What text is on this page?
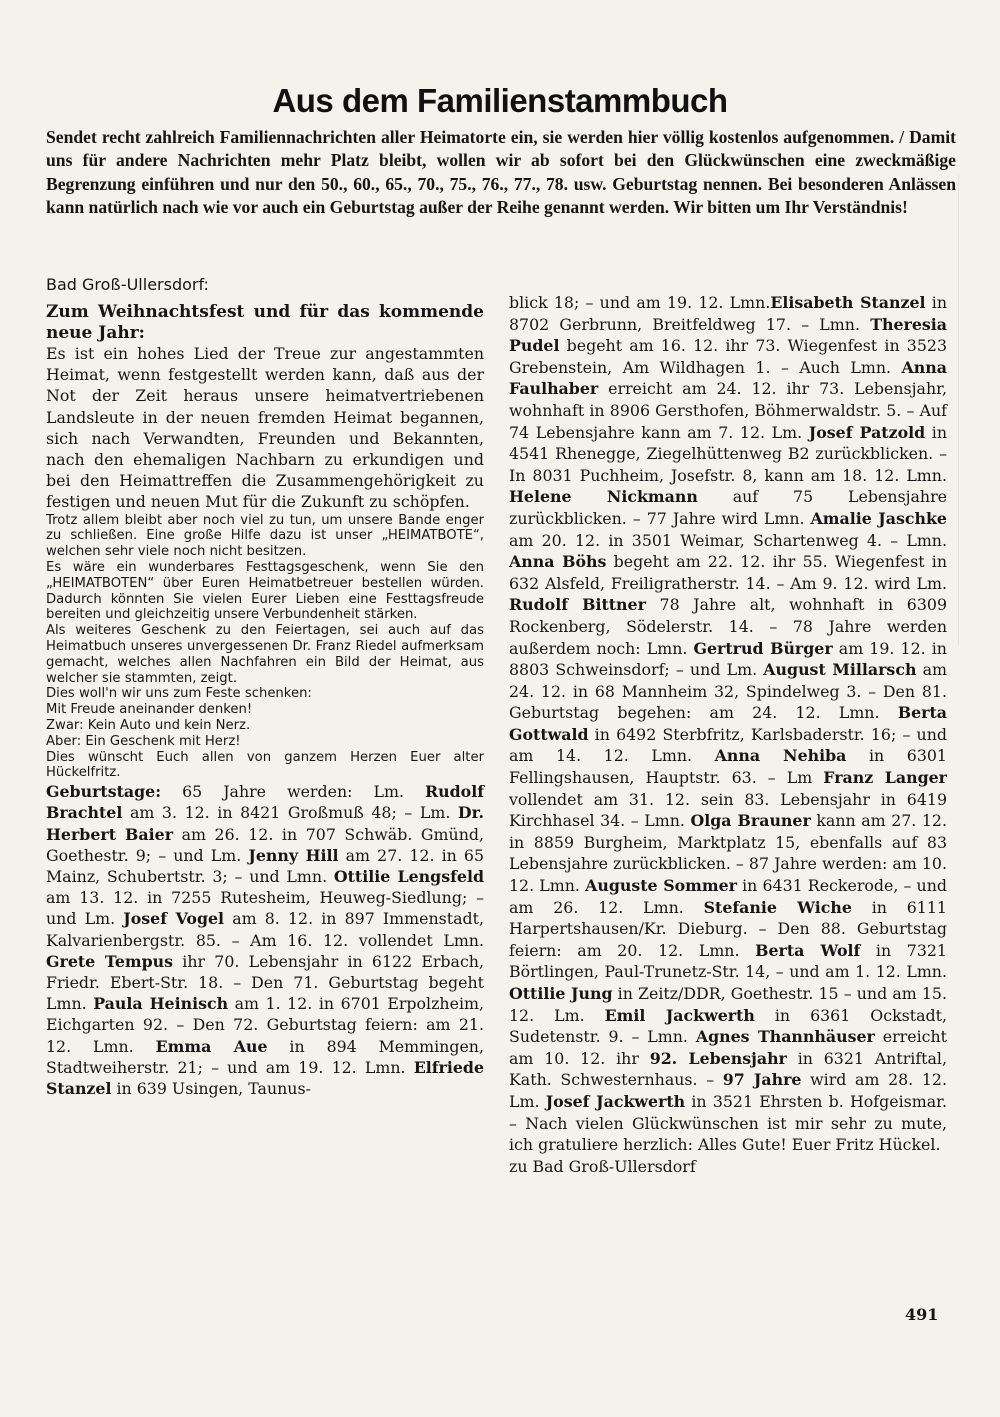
Aus dem Familienstammbuch

Sendet recht zahlreich Familiennachrichten aller Heimatorte ein, sie werden hier völlig kostenlos aufgenommen. / Damit uns für andere Nachrichten mehr Platz bleibt, wollen wir ab sofort bei den Glückwünschen eine zweckmäßige Begrenzung einführen und nur den 50., 60., 65., 70., 75., 76., 77., 78. usw. Geburtstag nennen. Bei besonderen Anlässen kann natürlich nach wie vor auch ein Geburtstag außer der Reihe genannt werden. Wir bitten um Ihr Verständnis!

Bad Groß-Ullersdorf:

Zum Weihnachtsfest und für das kommende neue Jahr:

Es ist ein hohes Lied der Treue zur angestammten Heimat, wenn festgestellt werden kann, daß aus der Not der Zeit heraus unsere heimatvertriebenen Landsleute in der neuen fremden Heimat begannen, sich nach Verwandten, Freunden und Bekannten, nach den ehemaligen Nachbarn zu erkundigen und bei den Heimattreffen die Zusammengehörigkeit zu festigen und neuen Mut für die Zukunft zu schöpfen.

Trotz allem bleibt aber noch viel zu tun, um unsere Bande enger zu schließen. Eine große Hilfe dazu ist unser „HEIMATBOTE“, welchen sehr viele noch nicht besitzen.

Es wäre ein wunderbares Festtagsgeschenk, wenn Sie den „HEIMATBOTEN“ über Euren Heimatbetreuer bestellen würden. Dadurch könnten Sie vielen Eurer Lieben eine Festtagsfreude bereiten und gleichzeitig unsere Verbundenheit stärken.

Als weiteres Geschenk zu den Feiertagen, sei auch auf das Heimatbuch unseres unvergessenen Dr. Franz Riedel aufmerksam gemacht, welches allen Nachfahren ein Bild der Heimat, aus welcher sie stammten, zeigt.

Dies woll'n wir uns zum Feste schenken:

Mit Freude aneinander denken!

Zwar: Kein Auto und kein Nerz.

Aber: Ein Geschenk mit Herz!

Dies wünscht Euch allen von ganzem Herzen Euer alter Hückelfritz.

Geburtstage: 65 Jahre werden: Lm. Rudolf Brachtel am 3. 12. in 8421 Großmuß 48; – Lm. Dr. Herbert Baier am 26. 12. in 707 Schwäb. Gmünd, Goethestr. 9; – und Lm. Jenny Hill am 27. 12. in 65 Mainz, Schubertstr. 3; – und Lmn. Ottilie Lengsfeld am 13. 12. in 7255 Rutesheim, Heuweg-Siedlung; – und Lm. Josef Vogel am 8. 12. in 897 Immenstadt, Kalvarienbergstr. 85. – Am 16. 12. vollendet Lmn. Grete Tempus ihr 70. Lebensjahr in 6122 Erbach, Friedr. Ebert-Str. 18. – Den 71. Geburtstag begeht Lmn. Paula Heinisch am 1. 12. in 6701 Erpolzheim, Eichgarten 92. – Den 72. Geburtstag feiern: am 21. 12. Lmn. Emma Aue in 894 Memmingen, Stadtweiherstr. 21; – und am 19. 12. Lmn. Elfriede Stanzel in 639 Usingen, Taunus-

blick 18; – und am 19. 12. Lmn.Elisabeth Stanzel in 8702 Gerbrunn, Breitfeldweg 17. – Lmn. Theresia Pudel begeht am 16. 12. ihr 73. Wiegenfest in 3523 Grebenstein, Am Wildhagen 1. – Auch Lmn. Anna Faulhaber erreicht am 24. 12. ihr 73. Lebensjahr, wohnhaft in 8906 Gersthofen, Böhmerwaldstr. 5. – Auf 74 Lebensjahre kann am 7. 12. Lm. Josef Patzold in 4541 Rhenegge, Ziegelhüttenweg B2 zurückblicken. – In 8031 Puchheim, Josefstr. 8, kann am 18. 12. Lmn. Helene Nickmann auf 75 Lebensjahre zurückblicken. – 77 Jahre wird Lmn. Amalie Jaschke am 20. 12. in 3501 Weimar, Schartenweg 4. – Lmn. Anna Böhs begeht am 22. 12. ihr 55. Wiegenfest in 632 Alsfeld, Freiligratherstr. 14. – Am 9. 12. wird Lm. Rudolf Bittner 78 Jahre alt, wohnhaft in 6309 Rockenberg, Södelerstr. 14. – 78 Jahre werden außerdem noch: Lmn. Gertrud Bürger am 19. 12. in 8803 Schweinsdorf; – und Lm. August Millarsch am 24. 12. in 68 Mannheim 32, Spindelweg 3. – Den 81. Geburtstag begehen: am 24. 12. Lmn. Berta Gottwald in 6492 Sterbfritz, Karlsbaderstr. 16; – und am 14. 12. Lmn. Anna Nehiba in 6301 Fellingshausen, Hauptstr. 63. – Lm Franz Langer vollendet am 31. 12. sein 83. Lebensjahr in 6419 Kirchhasel 34. – Lmn. Olga Brauner kann am 27. 12. in 8859 Burgheim, Marktplatz 15, ebenfalls auf 83 Lebensjahre zurückblicken. – 87 Jahre werden: am 10. 12. Lmn. Auguste Sommer in 6431 Reckerode, – und am 26. 12. Lmn. Stefanie Wiche in 6111 Harpertshausen/Kr. Dieburg. – Den 88. Geburtstag feiern: am 20. 12. Lmn. Berta Wolf in 7321 Börtlingen, Paul-Trunetz-Str. 14, – und am 1. 12. Lmn. Ottilie Jung in Zeitz/DDR, Goethestr. 15 – und am 15. 12. Lm. Emil Jackwerth in 6361 Ockstadt, Sudetenstr. 9. – Lmn. Agnes Thannhäuser erreicht am 10. 12. ihr 92. Lebensjahr in 6321 Antriftal, Kath. Schwesternhaus. – 97 Jahre wird am 28. 12. Lm. Josef Jackwerth in 3521 Ehrsten b. Hofgeismar. – Nach vielen Glückwünschen ist mir sehr zu mute, ich gratuliere herzlich: Alles Gute! Euer Fritz Hückel.

zu Bad Groß-Ullersdorf

491
